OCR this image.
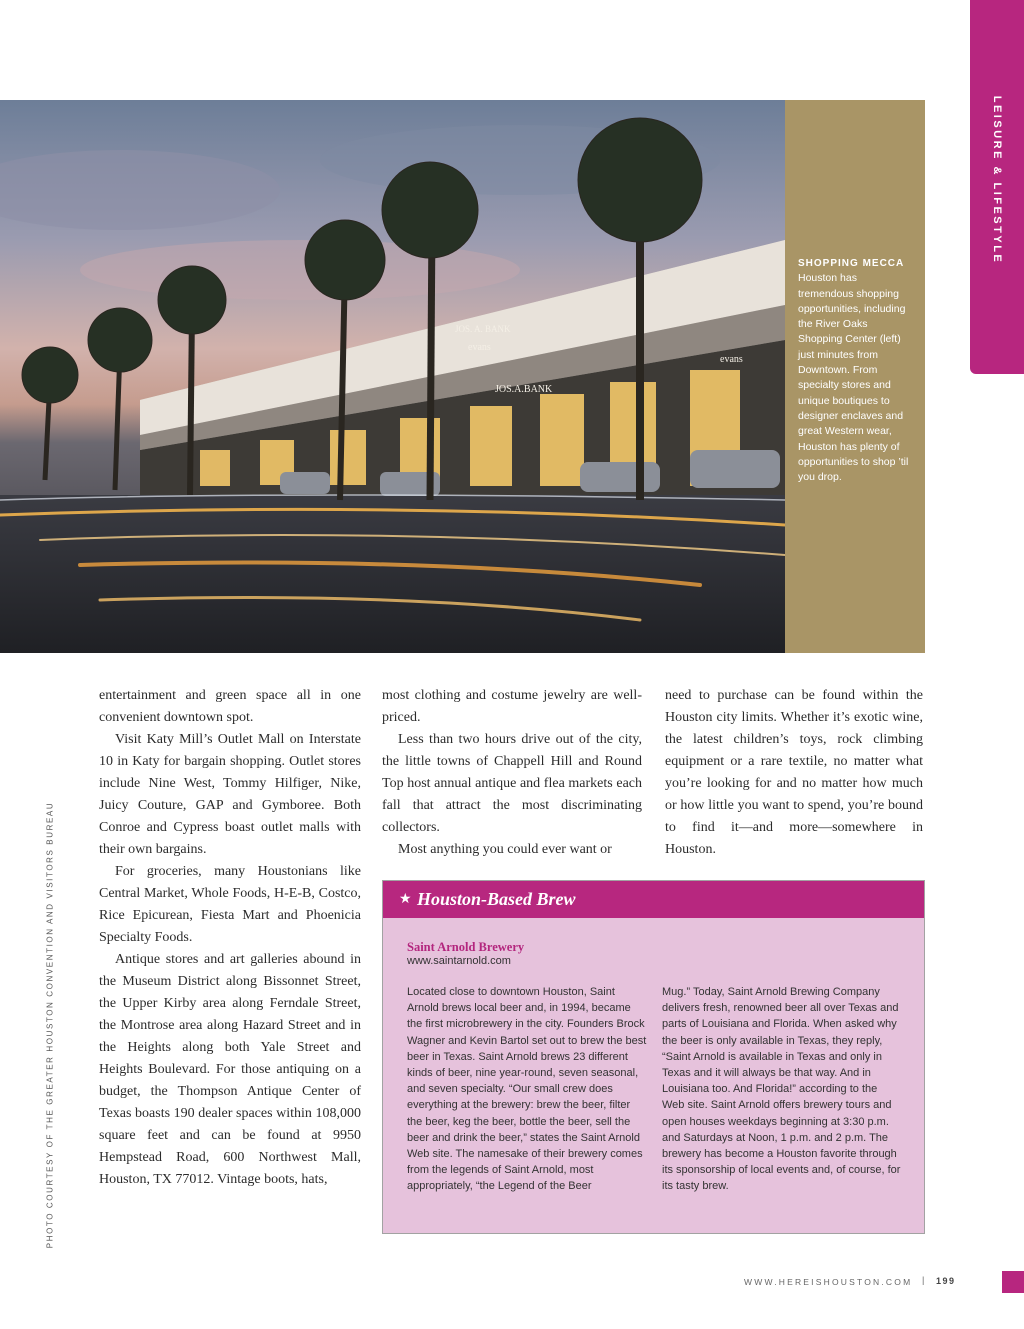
LEISURE & LIFESTYLE
JOS. A. BANK
evans
JOS.A.BANK
evans
SHOPPING MECCA
Houston has tremendous shopping opportunities, including the River Oaks Shopping Center (left) just minutes from Downtown. From specialty stores and unique boutiques to designer enclaves and great Western wear, Houston has plenty of opportunities to shop ’til you drop.
PHOTO COURTESY OF THE GREATER HOUSTON CONVENTION AND VISITORS BUREAU

entertainment and green space all in one convenient downtown spot.

Visit Katy Mill’s Outlet Mall on Interstate 10 in Katy for bargain shopping. Outlet stores include Nine West, Tommy Hilfiger, Nike, Juicy Couture, GAP and Gymboree. Both Conroe and Cypress boast outlet malls with their own bargains.

For groceries, many Houstonians like Central Market, Whole Foods, H-E-B, Costco, Rice Epicurean, Fiesta Mart and Phoenicia Specialty Foods.

Antique stores and art galleries abound in the Museum District along Bissonnet Street, the Upper Kirby area along Ferndale Street, the Montrose area along Hazard Street and in the Heights along both Yale Street and Heights Boulevard. For those antiquing on a budget, the Thompson Antique Center of Texas boasts 190 dealer spaces within 108,000 square feet and can be found at 9950 Hempstead Road, 600 Northwest Mall, Houston, TX 77012. Vintage boots, hats,

most clothing and costume jewelry are well-priced.

Less than two hours drive out of the city, the little towns of Chappell Hill and Round Top host annual antique and flea markets each fall that attract the most discriminating collectors.

Most anything you could ever want or

need to purchase can be found within the Houston city limits. Whether it’s exotic wine, the latest children’s toys, rock climbing equipment or a rare textile, no matter what you’re looking for and no matter how much or how little you want to spend, you’re bound to find it—and more—somewhere in Houston.

★ Houston-Based Brew
Saint Arnold Brewery
www.saintarnold.com
Located close to downtown Houston, Saint Arnold brews local beer and, in 1994, became the first microbrewery in the city. Founders Brock Wagner and Kevin Bartol set out to brew the best beer in Texas. Saint Arnold brews 23 different kinds of beer, nine year-round, seven seasonal, and seven specialty. “Our small crew does everything at the brewery: brew the beer, filter the beer, keg the beer, bottle the beer, sell the beer and drink the beer,” states the Saint Arnold Web site. The namesake of their brewery comes from the legends of Saint Arnold, most appropriately, “the Legend of the Beer
Mug.” Today, Saint Arnold Brewing Company delivers fresh, renowned beer all over Texas and parts of Louisiana and Florida. When asked why the beer is only available in Texas, they reply, “Saint Arnold is available in Texas and only in Texas and it will always be that way. And in Louisiana too. And Florida!” according to the Web site. Saint Arnold offers brewery tours and open houses weekdays beginning at 3:30 p.m. and Saturdays at Noon, 1 p.m. and 2 p.m. The brewery has become a Houston favorite through its sponsorship of local events and, of course, for its tasty brew.
WWW.HEREISHOUSTON.COM | 199
